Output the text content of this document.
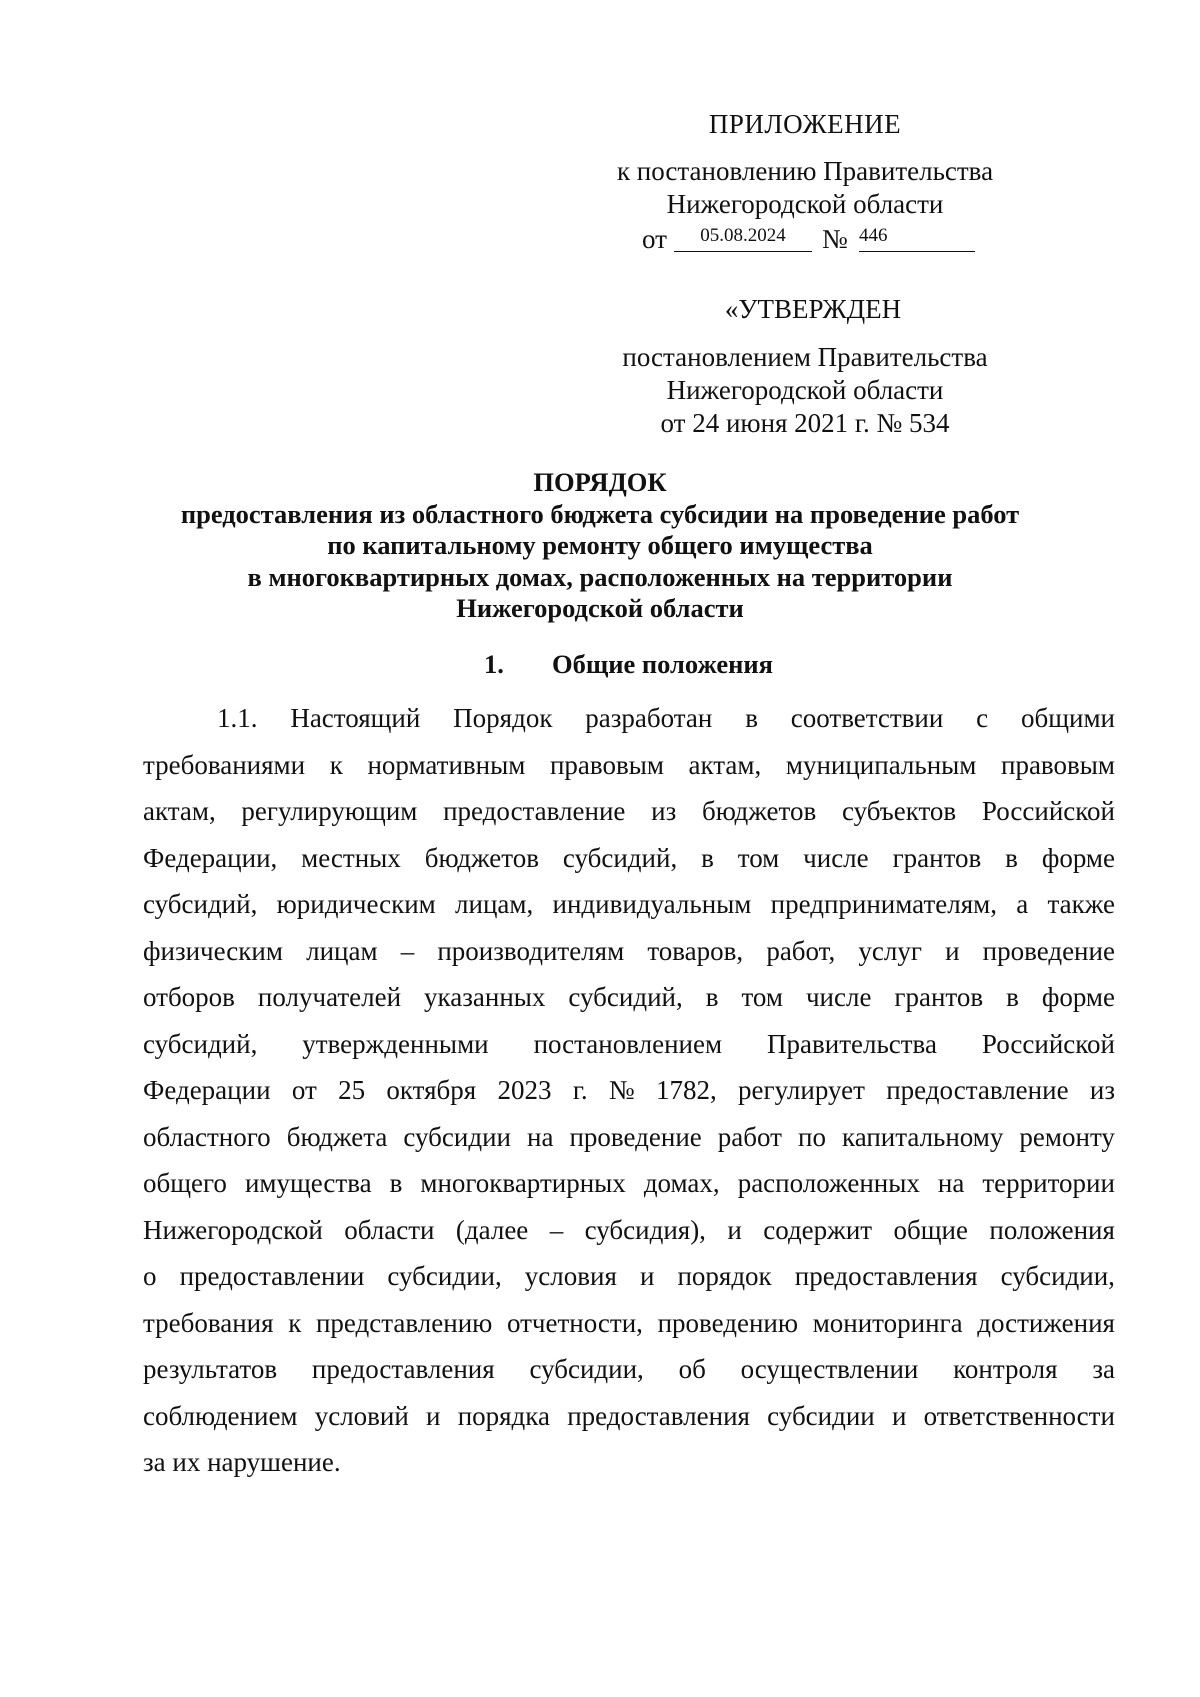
ПРИЛОЖЕНИЕ
к постановлению Правительства
Нижегородской области
от	05.08.2024	№ 446
«УТВЕРЖДЕН
постановлением Правительства
Нижегородской области
от 24 июня 2021 г. № 534
ПОРЯДОК
предоставления из областного бюджета субсидии на проведение работ
по капитальному ремонту общего имущества
в многоквартирных домах, расположенных на территории
Нижегородской области
1. Общие положения
1.1. Настоящий Порядок разработан в соответствии с общими
требованиями к нормативным правовым актам, муниципальным правовым
актам, регулирующим предоставление из бюджетов субъектов Российской
Федерации, местных бюджетов субсидий, в том числе грантов в форме
субсидий, юридическим лицам, индивидуальным предпринимателям, а также
физическим лицам – производителям товаров, работ, услуг и проведение
отборов получателей указанных субсидий, в том числе грантов в форме
субсидий, утвержденными постановлением Правительства Российской
Федерации от 25 октября 2023 г. № 1782, регулирует предоставление из
областного бюджета субсидии на проведение работ по капитальному ремонту
общего имущества в многоквартирных домах, расположенных на территории
Нижегородской области (далее – субсидия), и содержит общие положения
о предоставлении субсидии, условия и порядок предоставления субсидии,
требования к представлению отчетности, проведению мониторинга достижения
результатов предоставления субсидии, об осуществлении контроля за
соблюдением условий и порядка предоставления субсидии и ответственности
за их нарушение.
